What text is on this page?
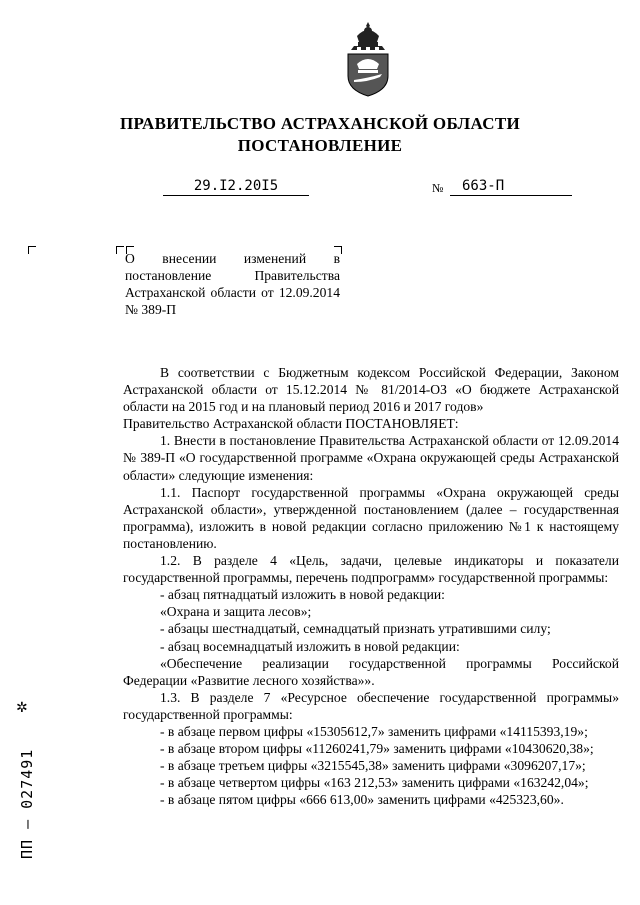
ПРАВИТЕЛЬСТВО АСТРАХАНСКОЙ ОБЛАСТИ
ПОСТАНОВЛЕНИЕ
29.I2.20I5	№	663-П
О внесении изменений в постановление Правительства Астраханской области от 12.09.2014 № 389-П

В соответствии с Бюджетным кодексом Российской Федерации, Законом Астраханской области от 15.12.2014 № 81/2014-ОЗ «О бюджете Астраханской области на 2015 год и на плановый период 2016 и 2017 годов»

Правительство Астраханской области ПОСТАНОВЛЯЕТ:

1. Внести в постановление Правительства Астраханской области от 12.09.2014 № 389-П «О государственной программе «Охрана окружающей среды Астраханской области» следующие изменения:

1.1. Паспорт государственной программы «Охрана окружающей среды Астраханской области», утвержденной постановлением (далее – государственная программа), изложить в новой редакции согласно приложению №1 к настоящему постановлению.

1.2. В разделе 4 «Цель, задачи, целевые индикаторы и показатели государственной программы, перечень подпрограмм» государственной программы:

- абзац пятнадцатый изложить в новой редакции:

«Охрана и защита лесов»;

- абзацы шестнадцатый, семнадцатый признать утратившими силу;

- абзац восемнадцатый изложить в новой редакции:

«Обеспечение реализации государственной программы Российской Федерации «Развитие лесного хозяйства»».

1.3. В разделе 7 «Ресурсное обеспечение государственной программы» государственной программы:

- в абзаце первом цифры «15305612,7» заменить цифрами «14115393,19»;

- в абзаце втором цифры «11260241,79» заменить цифрами «10430620,38»;

- в абзаце третьем цифры «3215545,38» заменить цифрами «3096207,17»;

- в абзаце четвертом цифры «163 212,53» заменить цифрами «163242,04»;

- в абзаце пятом цифры «666 613,00» заменить цифрами «425323,60».

✲
ПП – 027491
